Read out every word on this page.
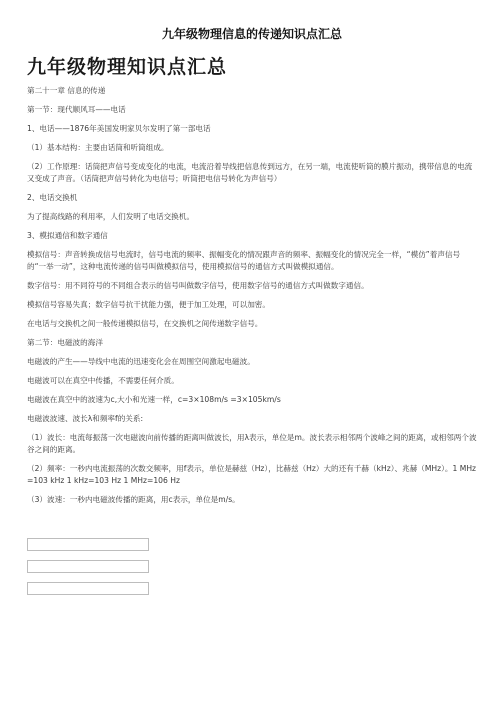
九年级物理信息的传递知识点汇总
九年级物理知识点汇总

第二十一章 信息的传递

第一节：现代顺风耳——电话

1、电话——1876年美国发明家贝尔发明了第一部电话

（1）基本结构：主要由话筒和听筒组成。

（2）工作原理：话筒把声信号变成变化的电流，电流沿着导线把信息传到远方，在另一端，电流使听筒的膜片振动，携带信息的电流又变成了声音。（话筒把声信号转化为电信号；听筒把电信号转化为声信号）

2、电话交换机

为了提高线路的利用率，人们发明了电话交换机。

3、模拟通信和数字通信

模拟信号：声音转换成信号电流时，信号电流的频率、振幅变化的情况跟声音的频率、振幅变化的情况完全一样，“模仿”着声信号的“一举一动”，这种电流传递的信号叫做模拟信号，使用模拟信号的通信方式叫做模拟通信。

数字信号：用不同符号的不同组合表示的信号叫做数字信号，使用数字信号的通信方式叫做数字通信。

模拟信号容易失真；数字信号抗干扰能力强，便于加工处理，可以加密。

在电话与交换机之间一般传递模拟信号，在交换机之间传递数字信号。

第二节：电磁波的海洋

电磁波的产生——导线中电流的迅速变化会在周围空间激起电磁波。

电磁波可以在真空中传播，不需要任何介质。

电磁波在真空中的波速为c,大小和光速一样，c=3×108m/s =3×105km/s

电磁波波速、波长λ和频率f的关系:

（1）波长：电流每振荡一次电磁波向前传播的距离叫做波长，用λ表示，单位是m。波长表示相邻两个波峰之间的距离，或相邻两个波谷之间的距离。

（2）频率：一秒内电流振荡的次数交频率，用f表示，单位是赫兹（Hz），比赫兹（Hz）大的还有千赫（kHz）、兆赫（MHz）。1 MHz=103 kHz 1 kHz=103 Hz 1 MHz=106 Hz

（3）波速：一秒内电磁波传播的距离，用c表示，单位是m/s。
